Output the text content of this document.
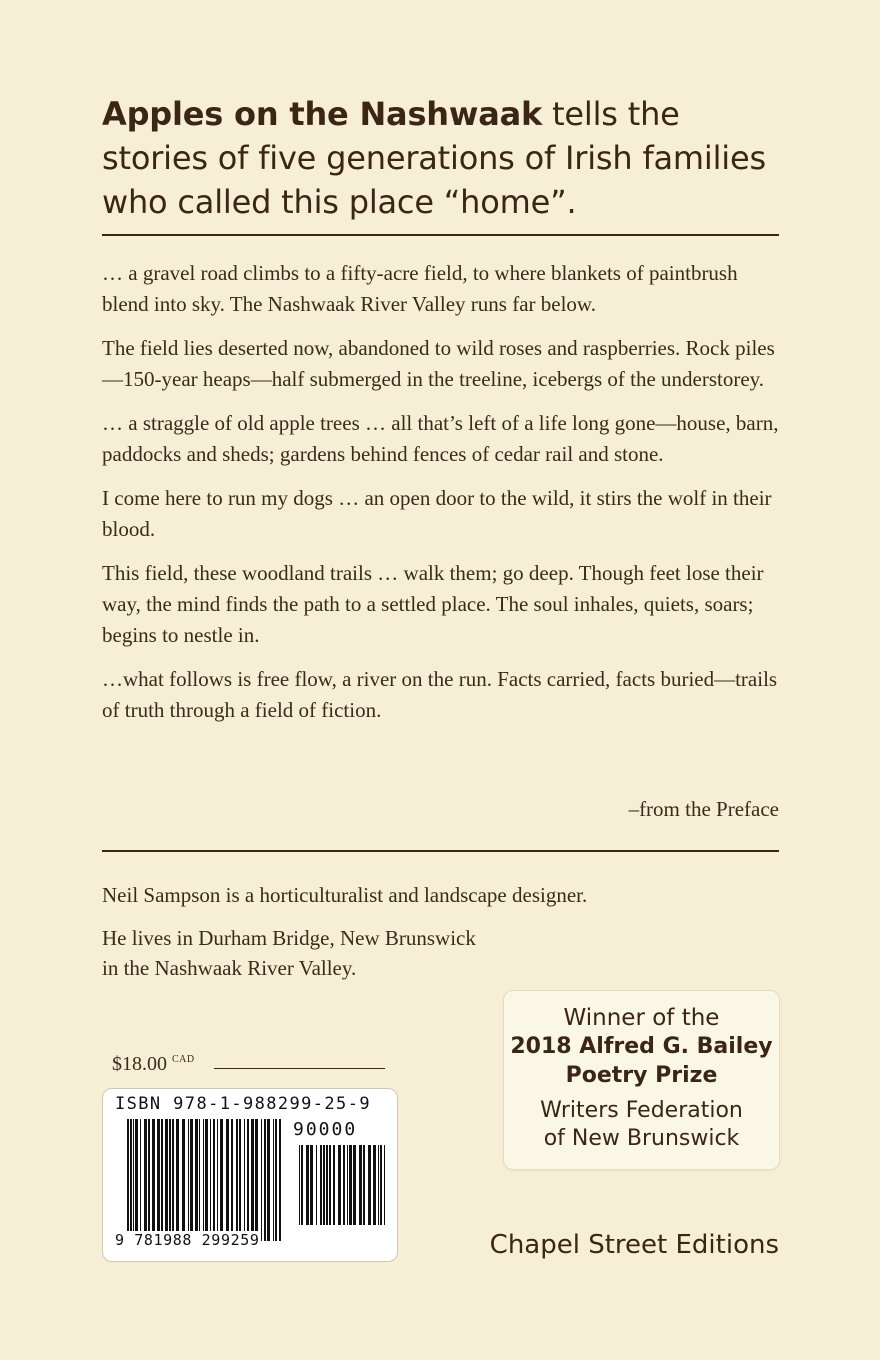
Apples on the Nashwaak tells the stories of five generations of Irish families who called this place “home”.

… a gravel road climbs to a fifty-acre field, to where blankets of paintbrush blend into sky. The Nashwaak River Valley runs far below.

The field lies deserted now, abandoned to wild roses and raspberries. Rock piles—150-year heaps—half submerged in the treeline, icebergs of the understorey.

… a straggle of old apple trees … all that’s left of a life long gone—house, barn, paddocks and sheds; gardens behind fences of cedar rail and stone.

I come here to run my dogs … an open door to the wild, it stirs the wolf in their blood.

This field, these woodland trails … walk them; go deep. Though feet lose their way, the mind finds the path to a settled place. The soul inhales, quiets, soars; begins to nestle in.

…what follows is free flow, a river on the run. Facts carried, facts buried—trails of truth through a field of fiction.

–from the Preface

Neil Sampson is a horticulturalist and landscape designer.

He lives in Durham Bridge, New Brunswick
in the Nashwaak River Valley.
Winner of the
2018 Alfred G. Bailey
Poetry Prize
Writers Federation
of New Brunswick
$18.00 $^{CAD}$
ISBN 978-1-988299-25-9
90000
9 781988 299259	Chapel Street Editions
